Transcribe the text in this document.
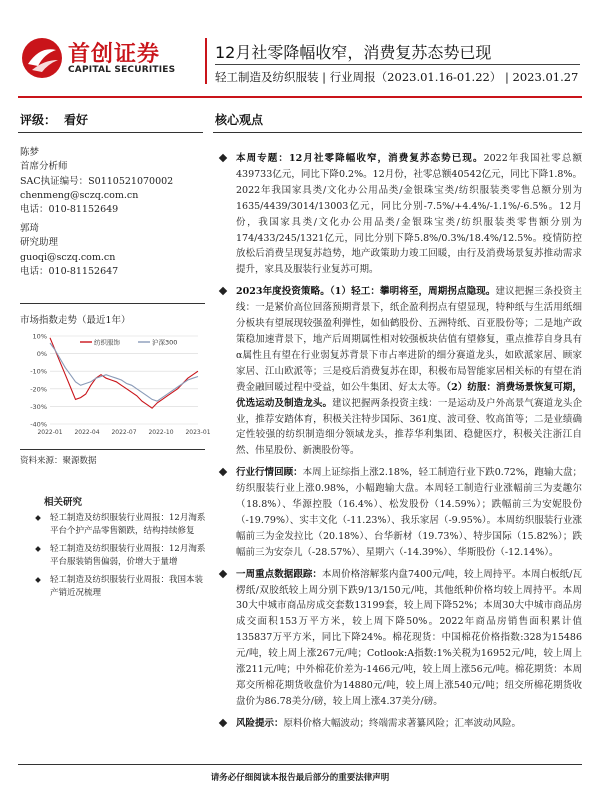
首创证券
CAPITAL SECURITIES
12月社零降幅收窄，消费复苏态势已现
轻工制造及纺织服装 | 行业周报（2023.01.16-01.22） | 2023.01.27
评级： 看好	核心观点
陈梦
首席分析师
SAC执证编号：S0110521070002
chenmeng@sczq.com.cn
电话：010-81152649
郭琦
研究助理
guoqi@sczq.com.cn
电话：010-81152647
市场指数走势（最近1年）
10%
0%
-10%
-20%
-30%
-40%
2022-01 2022-04 2022-07 2022-10 2023-01
纺织服饰	沪深300
资料来源：聚源数据
相关研究
轻工制造及纺织服装行业周报：12月淘系平台个护产品零售额跌，结构持续修复
轻工制造及纺织服装行业周报：12月淘系平台服装销售偏弱，价增大于量增
轻工制造及纺织服装行业周报：我国本装产销近况梳理
本周专题：12月社零降幅收窄，消费复苏态势已现。2022年我国社零总额439733亿元，同比下降0.2%。12月份，社零总额40542亿元，同比下降1.8%。2022年我国家具类/文化办公用品类/金银珠宝类/纺织服装类零售总额分别为1635/4439/3014/13003亿元，同比分别-7.5%/+4.4%/-1.1%/-6.5%。12月份，我国家具类/文化办公用品类/金银珠宝类/纺织服装类零售额分别为174/433/245/1321亿元，同比分别下降5.8%/0.3%/18.4%/12.5%。疫情防控放松后消费呈现复苏趋势，地产政策助力竣工回暖，由行及消费场景复苏推动需求提升，家具及服装行业复苏可期。
2023年度投资策略。（1）轻工：攀明将至，周期拐点隐现。建议把握三条投资主线：一是紧价高位回落预期背景下，纸企盈利拐点有望显现，特种纸与生活用纸细分板块有望展现较强盈利弹性，如仙鹤股份、五洲特纸、百亚股份等；二是地产政策稳加速背景下，地产后周期属性相对较强板块估值有望修复，重点推荐自身具有α属性且有望在行业弱复苏背景下市占率进阶的细分赛道龙头，如欧派家居、顾家家居、江山欧派等；三是疫后消费复苏在即，积极布局智能家居相关标的有望在消费金融回暖过程中受益，如公牛集团、好太太等。（2）纺服：消费场景恢复可期，优选运动及制造龙头。建议把握两条投资主线：一是运动及户外高景气赛道龙头企业，推荐安踏体育，积极关注特步国际、361度、波司登、牧高笛等；二是业绩确定性较强的纺织制造细分领域龙头，推荐华利集团、稳健医疗，积极关注浙江自然、伟星股份、新澳股份等。
行业行情回顾：本周上证综指上涨2.18%，轻工制造行业下跌0.72%，跑输大盘；纺织服装行业上涨0.98%，小幅跑输大盘。本周轻工制造行业涨幅前三为麦趣尔（18.8%）、华源控股（16.4%）、松发股份（14.59%）；跌幅前三为安妮股份（-19.79%）、实丰文化（-11.23%）、我乐家居（-9.95%）。本周纺织服装行业涨幅前三为金发拉比（20.18%）、台华新材（19.73%）、特步国际（15.82%）；跌幅前三为安奈儿（-28.57%）、星期六（-14.39%）、华斯股份（-12.14%）。
一周重点数据跟踪：本周价格溶解浆内盘7400元/吨，较上周持平。本周白板纸/瓦楞纸/双胶纸较上周分别下跌9/13/150元/吨，其他纸种价格均较上周持平。本周30大中城市商品房成交套数13199套，较上周下降52%；本周30大中城市商品房成交面积153万平方米，较上周下降50%。2022年商品房销售面积累计值135837万平方米，同比下降24%。棉花现货：中国棉花价格指数:328为15486元/吨，较上周上涨267元/吨；Cotlook:A指数:1%关税为16952元/吨，较上周上涨211元/吨；中外棉花价差为-1466元/吨，较上周上涨56元/吨。棉花期货：本周郑交所棉花期货收盘价为14880元/吨，较上周上涨540元/吨；纽交所棉花期货收盘价为86.78美分/磅，较上周上涨4.37美分/磅。
风险提示：原料价格大幅波动；终端需求著纂风险；汇率波动风险。
请务必仔细阅读本报告最后部分的重要法律声明
